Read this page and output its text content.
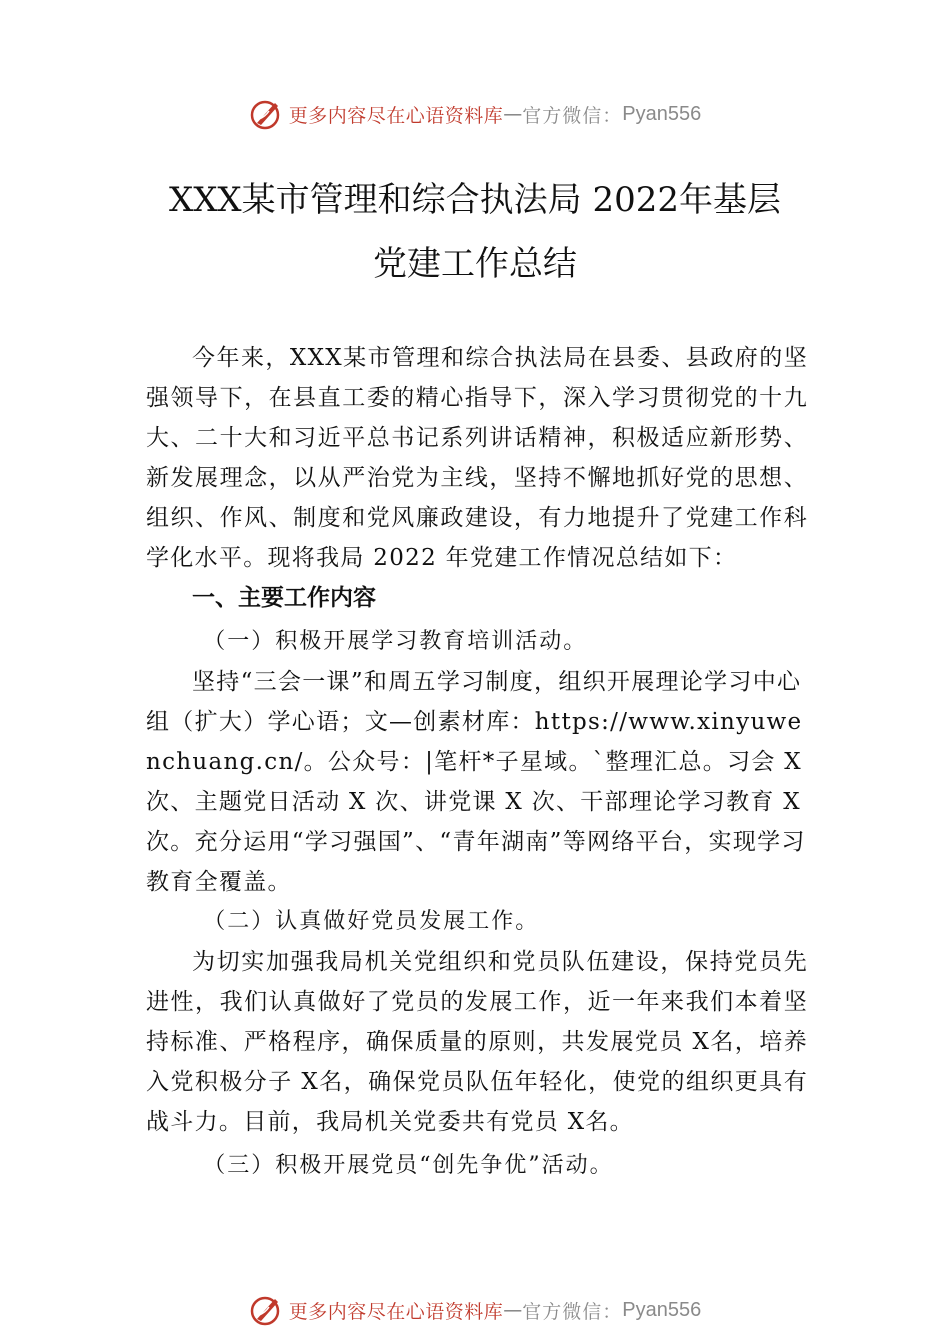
更多内容尽在心语资料库 — 官方微信： Pyan556
XXX某市管理和综合执法局 2022年基层
党建工作总结

今年来，XXX某市管理和综合执法局在县委、县政府的坚强领导下，在县直工委的精心指导下，深入学习贯彻党的十九大、二十大和习近平总书记系列讲话精神，积极适应新形势、新发展理念，以从严治党为主线，坚持不懈地抓好党的思想、组织、作风、制度和党风廉政建设，有力地提升了党建工作科学化水平。现将我局 2022 年党建工作情况总结如下：

一、主要工作内容

（一）积极开展学习教育培训活动。

坚持“三会一课”和周五学习制度，组织开展理论学习中心组（扩大）学心语；文—创素材库：https://www.xinyuwenchuang.cn/。公众号：|笔杆*子星域。`整理汇总。习会 X 次、主题党日活动 X 次、讲党课 X 次、干部理论学习教育 X次。充分运用“学习强国”、“青年湖南”等网络平台，实现学习教育全覆盖。

（二）认真做好党员发展工作。

为切实加强我局机关党组织和党员队伍建设，保持党员先进性，我们认真做好了党员的发展工作，近一年来我们本着坚持标准、严格程序，确保质量的原则，共发展党员 X名，培养入党积极分子 X名，确保党员队伍年轻化，使党的组织更具有战斗力。目前，我局机关党委共有党员 X名。

（三）积极开展党员“创先争优”活动。

更多内容尽在心语资料库 — 官方微信： Pyan556
